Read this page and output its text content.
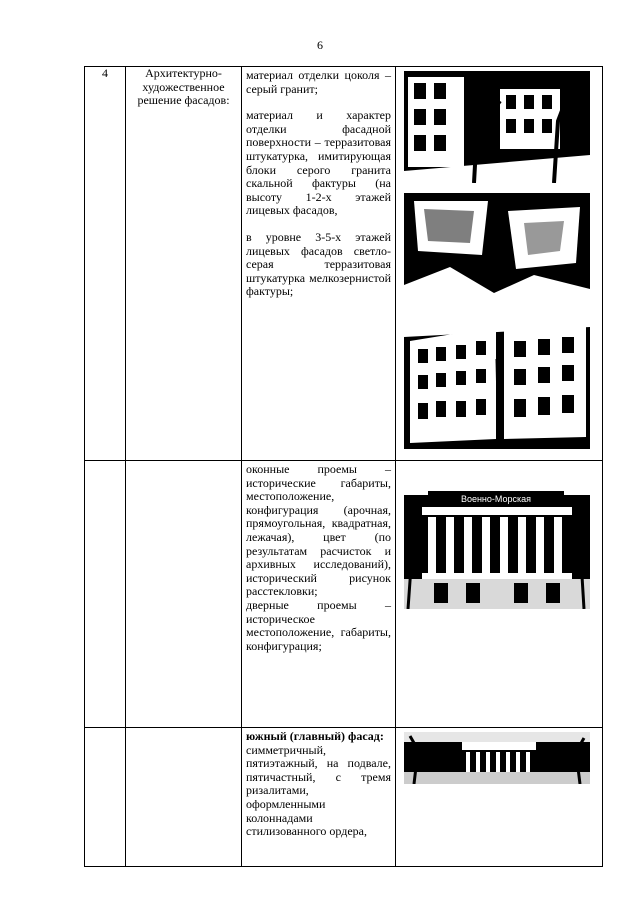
6
4	Архитектурно-художественное решение фасадов:	материал отделки цоколя – серый гранит;
материал и характер отделки фасадной поверхности – терразитовая штукатурка, имитирующая блоки серого гранита скальной фактуры (на высоту 1-2-х этажей лицевых фасадов,
в уровне 3-5-х этажей лицевых фасадов светло-серая терразитовая штукатурка мелкозернистой фактуры;

		оконные проемы – исторические габариты, местоположение, конфигурация (арочная, прямоугольная, квадратная, лежачая), цвет (по результатам расчисток и архивных исследований), исторический рисунок расстекловки;
дверные проемы – историческое местоположение, габариты, конфигурация;	Военно-Морская

		южный (главный) фасад:
симметричный, пятиэтажный, на подвале, пятичастный, с тремя ризалитами, оформленными колоннадами стилизованного ордера,
